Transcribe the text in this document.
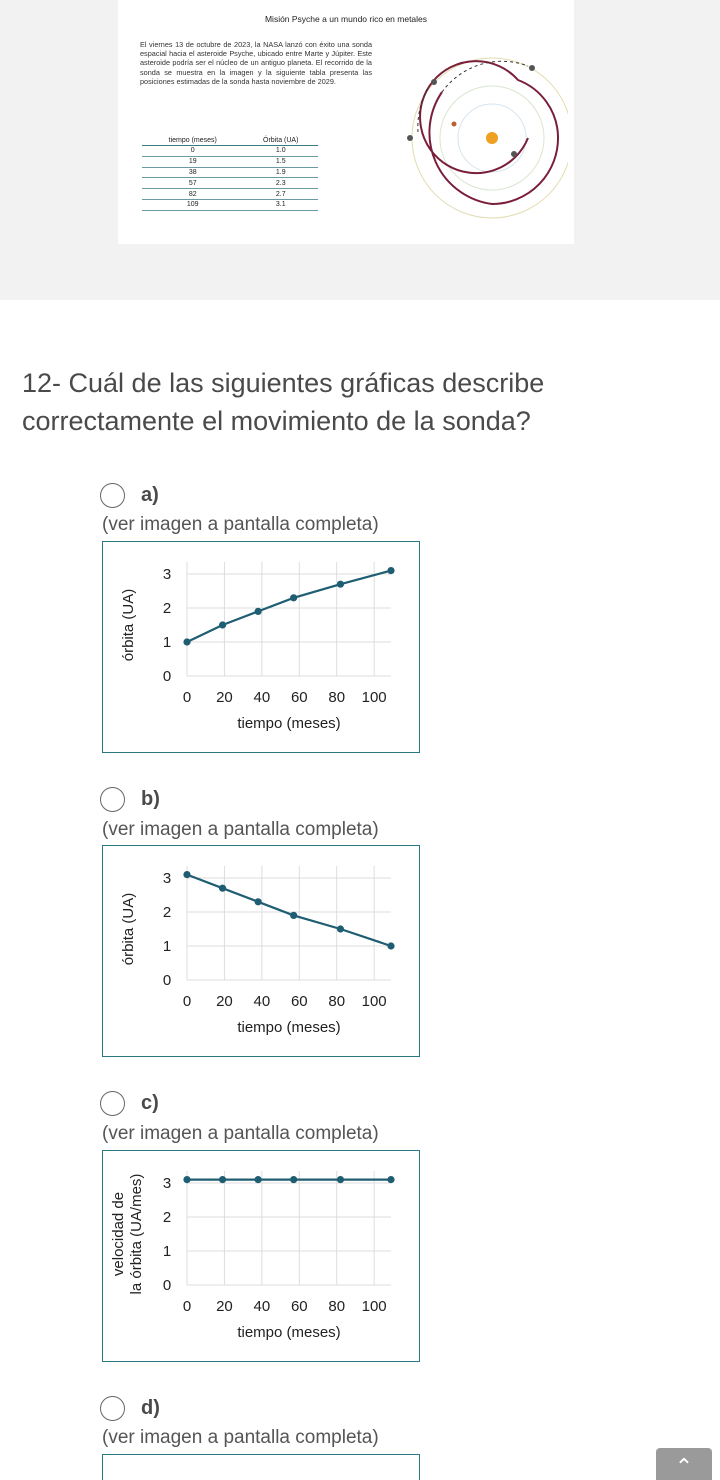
Misión Psyche a un mundo rico en metales
El viernes 13 de octubre de 2023, la NASA lanzó con éxito una sonda espacial hacia el asteroide Psyche, ubicado entre Marte y Júpiter. Este asteroide podría ser el núcleo de un antiguo planeta. El recorrido de la sonda se muestra en la imagen y la siguiente tabla presenta las posiciones estimadas de la sonda hasta noviembre de 2029.
tiempo (meses)	Órbita (UA)
0	1.0
19	1.5
38	1.9
57	2.3
82	2.7
109	3.1
12- Cuál de las siguientes gráficas describe correctamente el movimiento de la sonda?
a)
(ver imagen a pantalla completa)
0 20 40 60 80 100
0
1
2
3
tiempo (meses)
órbita (UA)
b)
(ver imagen a pantalla completa)
0 20 40 60 80 100
0
1
2
3
tiempo (meses)
órbita (UA)
c)
(ver imagen a pantalla completa)
0 20 40 60 80 100
0
1
2
3
tiempo (meses)
velocidad de la órbita (UA/mes)
d)
(ver imagen a pantalla completa)
⌃
